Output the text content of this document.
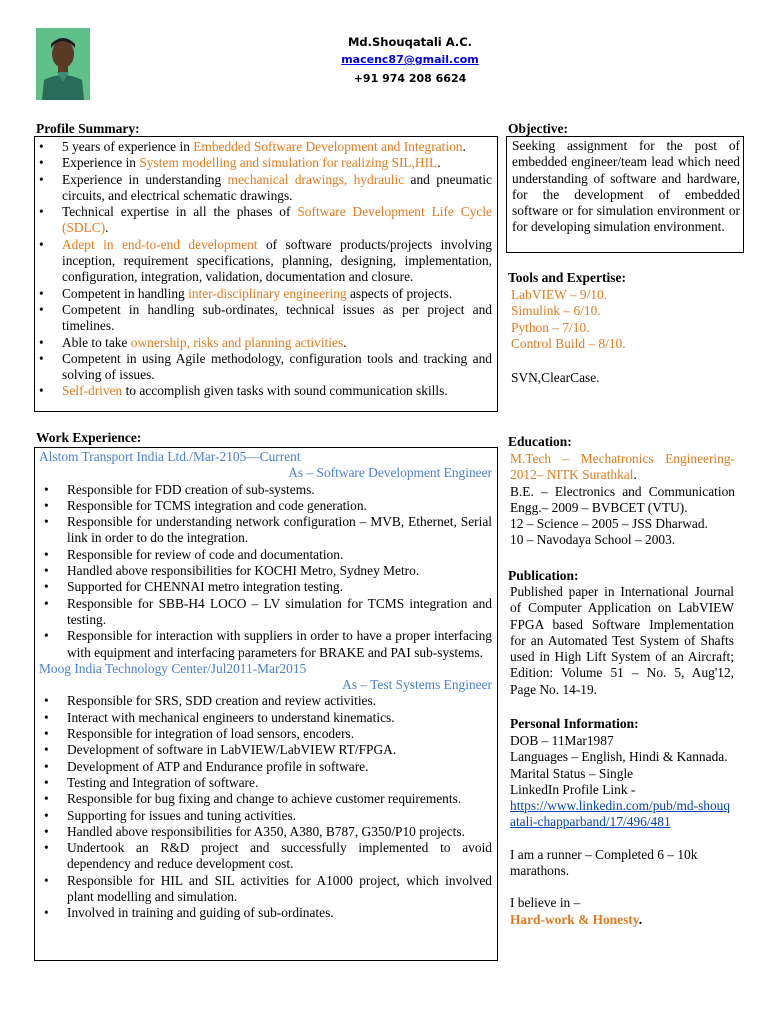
Md.Shouqatali A.C.
macenc87@gmail.com
+91 974 208 6624
Profile Summary:
• 5 years of experience in Embedded Software Development and Integration.
• Experience in System modelling and simulation for realizing SIL,HIL.
• Experience in understanding mechanical drawings, hydraulic and pneumatic circuits, and electrical schematic drawings.
• Technical expertise in all the phases of Software Development Life Cycle (SDLC).
• Adept in end-to-end development of software products/projects involving inception, requirement specifications, planning, designing, implementation, configuration, integration, validation, documentation and closure.
• Competent in handling inter-disciplinary engineering aspects of projects.
• Competent in handling sub-ordinates, technical issues as per project and timelines.
• Able to take ownership, risks and planning activities.
• Competent in using Agile methodology, configuration tools and tracking and solving of issues.
• Self-driven to accomplish given tasks with sound communication skills.
Objective:
Seeking assignment for the post of embedded engineer/team lead which need understanding of software and hardware, for the development of embedded software or for simulation environment or for developing simulation environment.
Tools and Expertise:
LabVIEW – 9/10.
Simulink – 6/10.
Python – 7/10.
Control Build – 8/10.
SVN,ClearCase.
Work Experience:
Alstom Transport India Ltd./Mar-2105—Current
As – Software Development Engineer
• Responsible for FDD creation of sub-systems.
• Responsible for TCMS integration and code generation.
• Responsible for understanding network configuration – MVB, Ethernet, Serial link in order to do the integration.
• Responsible for review of code and documentation.
• Handled above responsibilities for KOCHI Metro, Sydney Metro.
• Supported for CHENNAI metro integration testing.
• Responsible for SBB-H4 LOCO – LV simulation for TCMS integration and testing.
• Responsible for interaction with suppliers in order to have a proper interfacing with equipment and interfacing parameters for BRAKE and PAI sub-systems.
Moog India Technology Center/Jul2011-Mar2015
As – Test Systems Engineer
• Responsible for SRS, SDD creation and review activities.
• Interact with mechanical engineers to understand kinematics.
• Responsible for integration of load sensors, encoders.
• Development of software in LabVIEW/LabVIEW RT/FPGA.
• Development of ATP and Endurance profile in software.
• Testing and Integration of software.
• Responsible for bug fixing and change to achieve customer requirements.
• Supporting for issues and tuning activities.
• Handled above responsibilities for A350, A380, B787, G350/P10 projects.
• Undertook an R&D project and successfully implemented to avoid dependency and reduce development cost.
• Responsible for HIL and SIL activities for A1000 project, which involved plant modelling and simulation.
• Involved in training and guiding of sub-ordinates.
Education:
M.Tech – Mechatronics Engineering-2012– NITK Surathkal.
B.E. – Electronics and Communication Engg.– 2009 – BVBCET (VTU).
12 – Science – 2005 – JSS Dharwad.
10 – Navodaya School – 2003.
Publication:
Published paper in International Journal of Computer Application on LabVIEW FPGA based Software Implementation for an Automated Test System of Shafts used in High Lift System of an Aircraft; Edition: Volume 51 – No. 5, Aug'12, Page No. 14-19.
Personal Information:
DOB – 11Mar1987
Languages – English, Hindi & Kannada.
Marital Status – Single
LinkedIn Profile Link -
https://www.linkedin.com/pub/md-shouqatali-chapparband/17/496/481
I am a runner – Completed 6 – 10k marathons.
I believe in –
Hard-work & Honesty.
